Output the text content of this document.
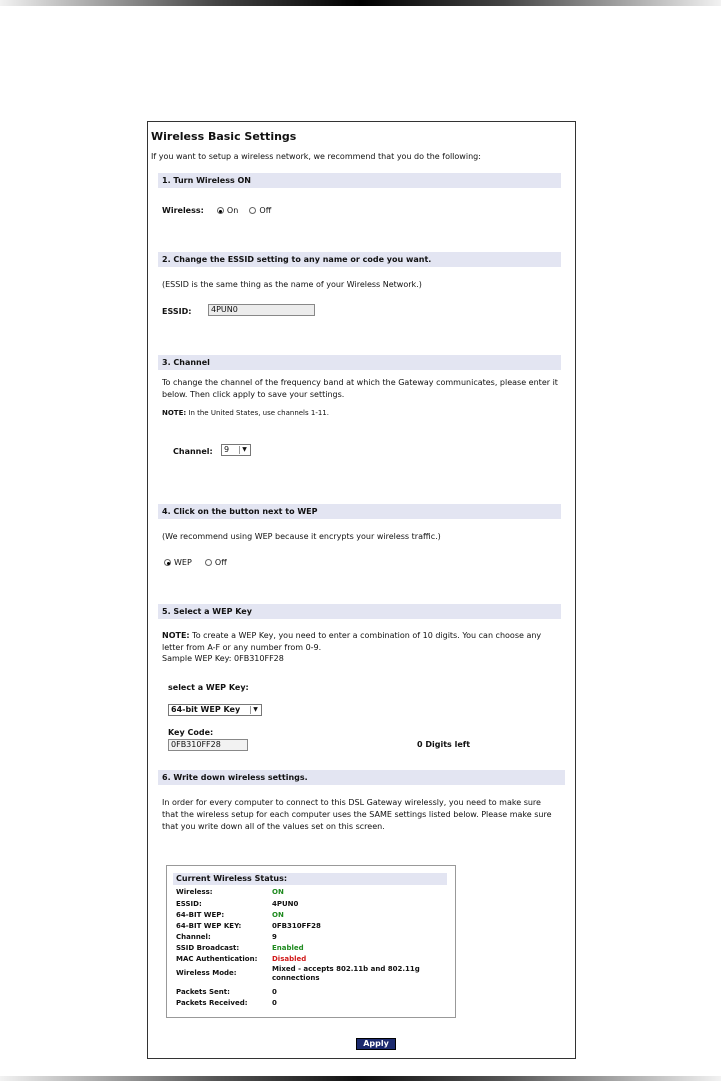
Wireless Basic Settings
If you want to setup a wireless network, we recommend that you do the following:
1. Turn Wireless ON
Wireless:	On	Off
2. Change the ESSID setting to any name or code you want.
(ESSID is the same thing as the name of your Wireless Network.)
ESSID:	4PUN0
3. Channel
To change the channel of the frequency band at which the Gateway communicates, please enter it
below. Then click apply to save your settings.
NOTE: In the United States, use channels 1-11.
Channel:	9	▼
4. Click on the button next to WEP
(We recommend using WEP because it encrypts your wireless traffic.)
WEP	Off
5. Select a WEP Key
NOTE: To create a WEP Key, you need to enter a combination of 10 digits. You can choose any
letter from A-F or any number from 0-9.
Sample WEP Key: 0FB310FF28
select a WEP Key:
64-bit WEP Key	▼
Key Code:
0FB310FF28	0 Digits left
6. Write down wireless settings.
In order for every computer to connect to this DSL Gateway wirelessly, you need to make sure
that the wireless setup for each computer uses the SAME settings listed below. Please make sure
that you write down all of the values set on this screen.
Current Wireless Status:
Wireless:	ON
ESSID:	4PUN0
64-BIT WEP:	ON
64-BIT WEP KEY:	0FB310FF28
Channel:	9
SSID Broadcast:	Enabled
MAC Authentication: Disabled
Wireless Mode:	Mixed - accepts 802.11b and 802.11g
connections
Packets Sent:	0
Packets Received:	0
Apply
